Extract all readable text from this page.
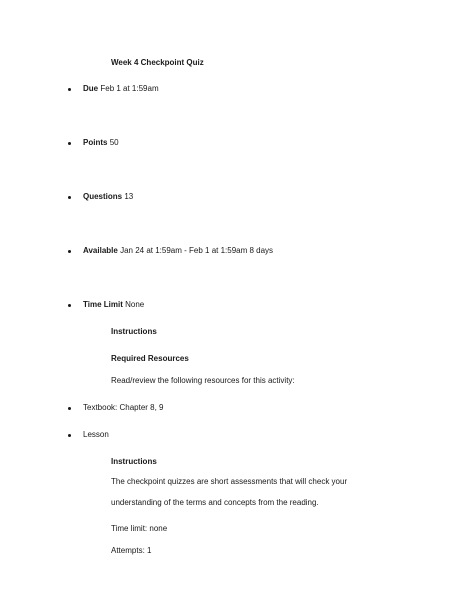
Week 4 Checkpoint Quiz
Due Feb 1 at 1:59am
Points 50
Questions 13
Available Jan 24 at 1:59am - Feb 1 at 1:59am 8 days
Time Limit None
Instructions
Required Resources
Read/review the following resources for this activity:
Textbook: Chapter 8, 9
Lesson
Instructions
The checkpoint quizzes are short assessments that will check your
understanding of the terms and concepts from the reading.
Time limit: none
Attempts: 1
